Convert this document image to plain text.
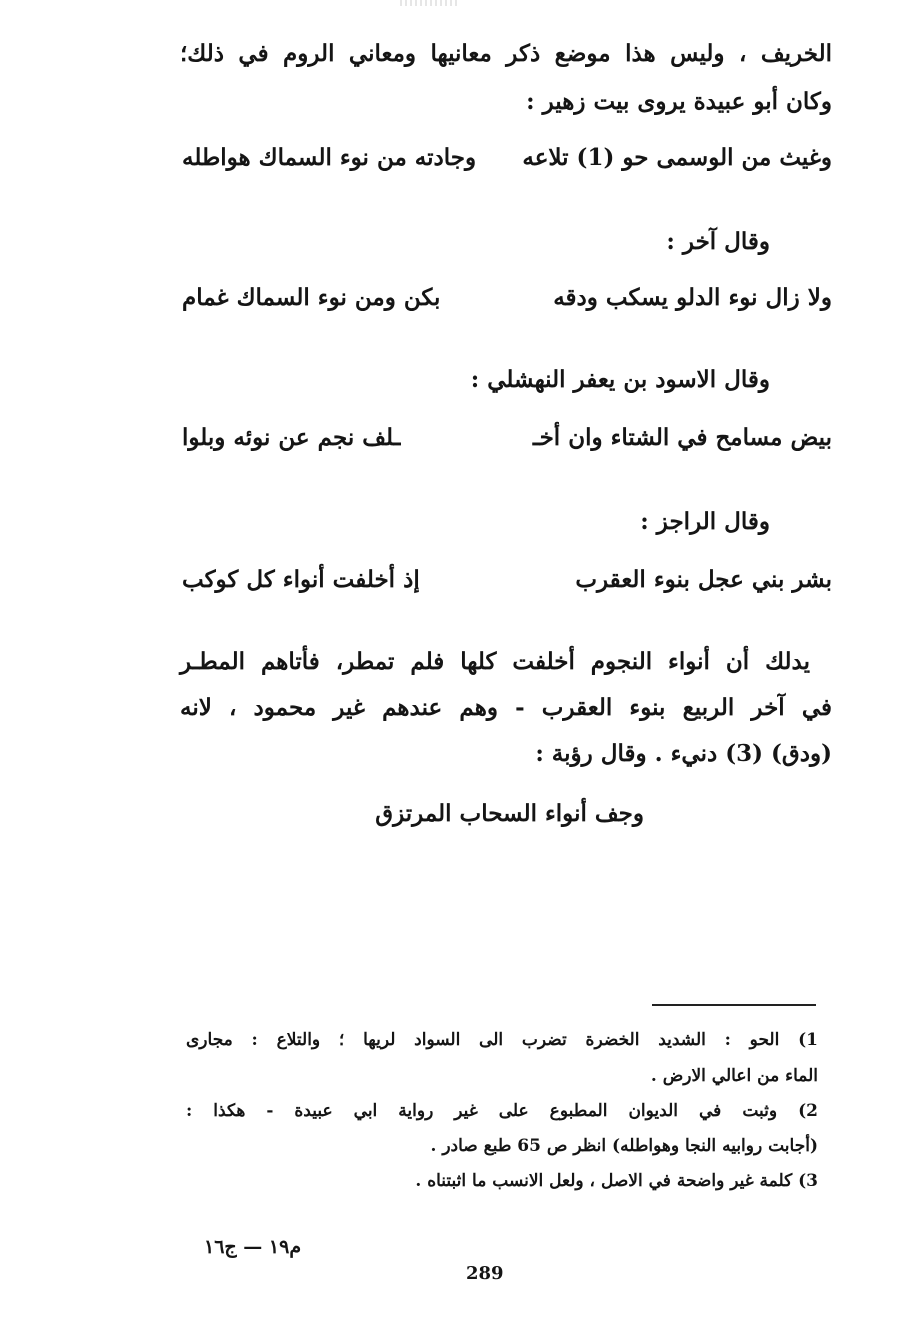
الخريف ، وليس هذا موضع ذكر معانيها ومعاني الروم في ذلك؛
وكان أبو عبيدة يروى بيت زهير :
وغيث من الوسمى حو (1) تلاعه
وجادته من نوء السماك هواطله
وقال آخر :
ولا زال نوء الدلو يسكب ودقه
بكن ومن نوء السماك غمام
وقال الاسود بن يعفر النهشلي :
بيض مسامح في الشتاء وان أخـ
ـلف نجم عن نوئه وبلوا
وقال الراجز :
بشر بني عجل بنوء العقرب
إذ أخلفت أنواء كل كوكب
يدلك أن أنواء النجوم أخلفت كلها فلم تمطر، فأتاهم المطـر
في آخر الربيع بنوء العقرب - وهم عندهم غير محمود ، لانه
(ودق) (3) دنيء . وقال رؤبة :
وجف أنواء السحاب المرتزق
1) الحو : الشديد الخضرة تضرب الى السواد لريها ؛ والتلاع : مجارى
الماء من اعالي الارض .
2) وثبت في الديوان المطبوع على غير رواية ابي عبيدة - هكذا :
(أجابت روابيه النجا وهواطله) انظر ص 65 طبع صادر .
3) كلمة غير واضحة في الاصل ، ولعل الانسب ما اثبتناه .
م١٩ — ج١٦
289
